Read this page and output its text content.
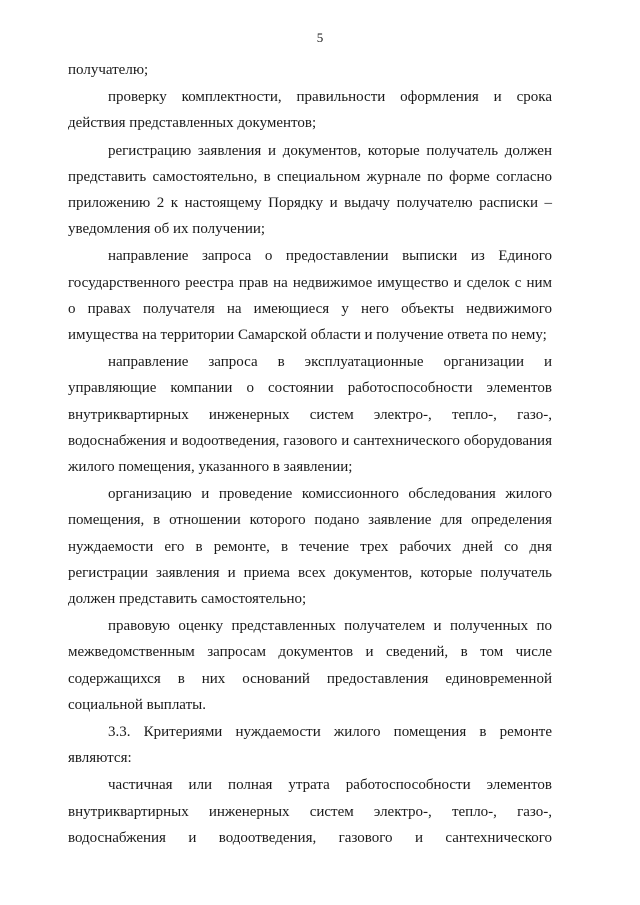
5

получателю;

проверку комплектности, правильности оформления и срока действия представленных документов;

регистрацию заявления и документов, которые получатель должен представить самостоятельно, в специальном журнале по форме согласно приложению 2 к настоящему Порядку и выдачу получателю расписки – уведомления об их получении;

направление запроса о предоставлении выписки из Единого государственного реестра прав на недвижимое имущество и сделок с ним о правах получателя на имеющиеся у него объекты недвижимого имущества на территории Самарской области и получение ответа по нему;

направление запроса в эксплуатационные организации и управляющие компании о состоянии работоспособности элементов внутриквартирных инженерных систем электро-, тепло-, газо-, водоснабжения и водоотведения, газового и сантехнического оборудования жилого помещения, указанного в заявлении;

организацию и проведение комиссионного обследования жилого помещения, в отношении которого подано заявление для определения нуждаемости его в ремонте, в течение трех рабочих дней со дня регистрации заявления и приема всех документов, которые получатель должен представить самостоятельно;

правовую оценку представленных получателем и полученных по межведомственным запросам документов и сведений, в том числе содержащихся в них оснований предоставления единовременной социальной выплаты.

3.3. Критериями нуждаемости жилого помещения в ремонте являются:

частичная или полная утрата работоспособности элементов внутриквартирных инженерных систем электро-, тепло-, газо-, водоснабжения и водоотведения, газового и сантехнического
